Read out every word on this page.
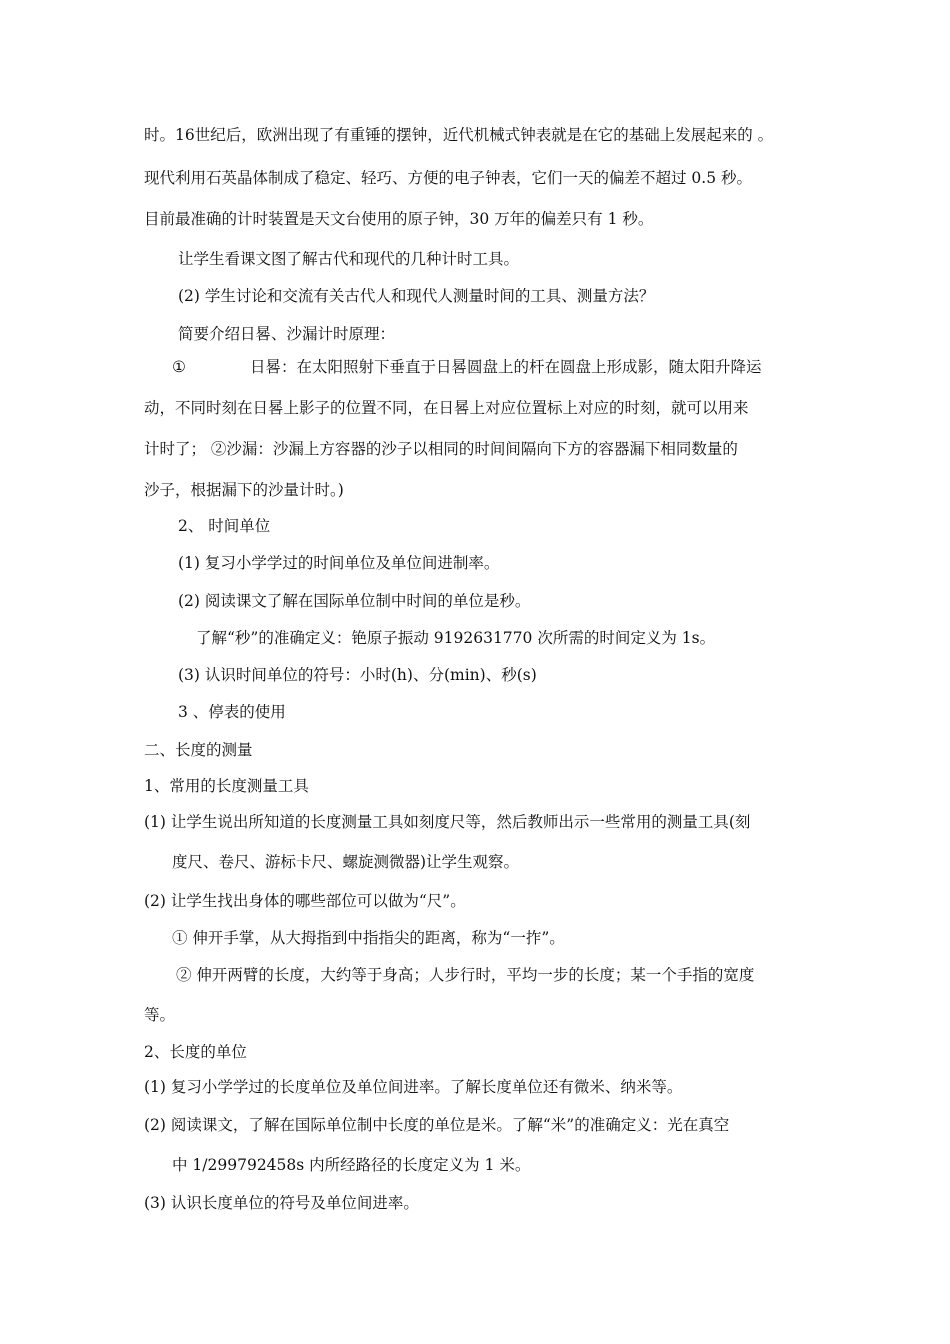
时。16世纪后，欧洲出现了有重锤的摆钟，近代机械式钟表就是在它的基础上发展起来的 。
现代利用石英晶体制成了稳定、轻巧、方便的电子钟表，它们一天的偏差不超过 0.5 秒。
目前最准确的计时装置是天文台使用的原子钟，30 万年的偏差只有 1 秒。
让学生看课文图了解古代和现代的几种计时工具。
(2) 学生讨论和交流有关古代人和现代人测量时间的工具、测量方法？
简要介绍日晷、沙漏计时原理：
①	日晷：在太阳照射下垂直于日晷圆盘上的杆在圆盘上形成影，随太阳升降运
动，不同时刻在日晷上影子的位置不同，在日晷上对应位置标上对应的时刻，就可以用来
计时了； ②沙漏：沙漏上方容器的沙子以相同的时间间隔向下方的容器漏下相同数量的
沙子，根据漏下的沙量计时。)
2、 时间单位
(1) 复习小学学过的时间单位及单位间进制率。
(2) 阅读课文了解在国际单位制中时间的单位是秒。
了解“秒”的准确定义：铯原子振动 9192631770 次所需的时间定义为 1s。
(3) 认识时间单位的符号：小时(h)、分(min)、秒(s)
3 、停表的使用
二、长度的测量
1、常用的长度测量工具
(1) 让学生说出所知道的长度测量工具如刻度尺等，然后教师出示一些常用的测量工具(刻
度尺、卷尺、游标卡尺、螺旋测微器)让学生观察。
(2) 让学生找出身体的哪些部位可以做为“尺”。
① 伸开手掌，从大拇指到中指指尖的距离，称为“一拃”。
② 伸开两臂的长度，大约等于身高；人步行时，平均一步的长度；某一个手指的宽度
等。
2、长度的单位
(1) 复习小学学过的长度单位及单位间进率。了解长度单位还有微米、纳米等。
(2) 阅读课文，了解在国际单位制中长度的单位是米。了解“米”的准确定义：光在真空
中 1/299792458s 内所经路径的长度定义为 1 米。
(3) 认识长度单位的符号及单位间进率。
